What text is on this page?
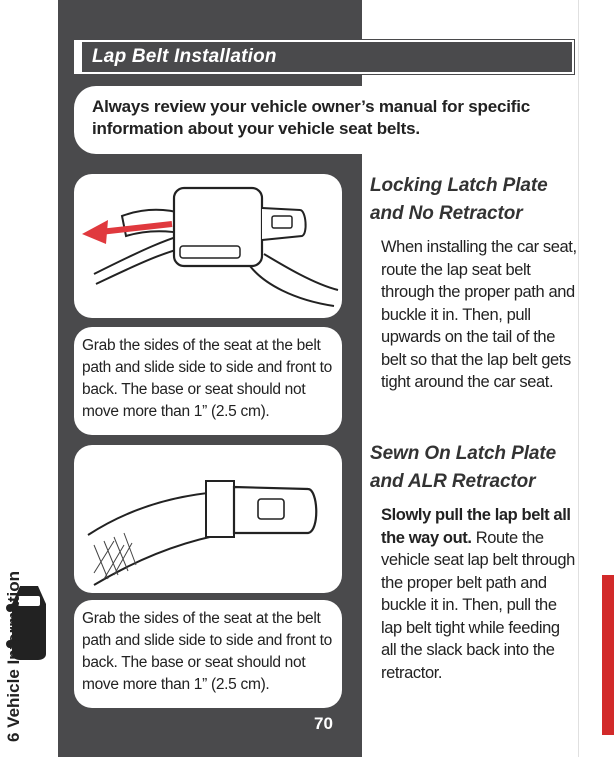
Lap Belt Installation
Always review your vehicle owner’s manual for specific information about your vehicle seat belts.
Grab the sides of the seat at the belt path and slide side to side and front to back. The base or seat should not move more than 1” (2.5 cm).
Grab the sides of the seat at the belt path and slide side to side and front to back. The base or seat should not move more than 1” (2.5 cm).
70
6 Vehicle Information
Locking Latch Plate and No Retractor
When installing the car seat, route the lap seat belt through the proper path and buckle it in. Then, pull upwards on the tail of the belt so that the lap belt gets tight around the car seat.
Sewn On Latch Plate and ALR Retractor
Slowly pull the lap belt all the way out. Route the vehicle seat lap belt through the proper belt path and buckle it in. Then, pull the lap belt tight while feeding all the slack back into the retractor.
